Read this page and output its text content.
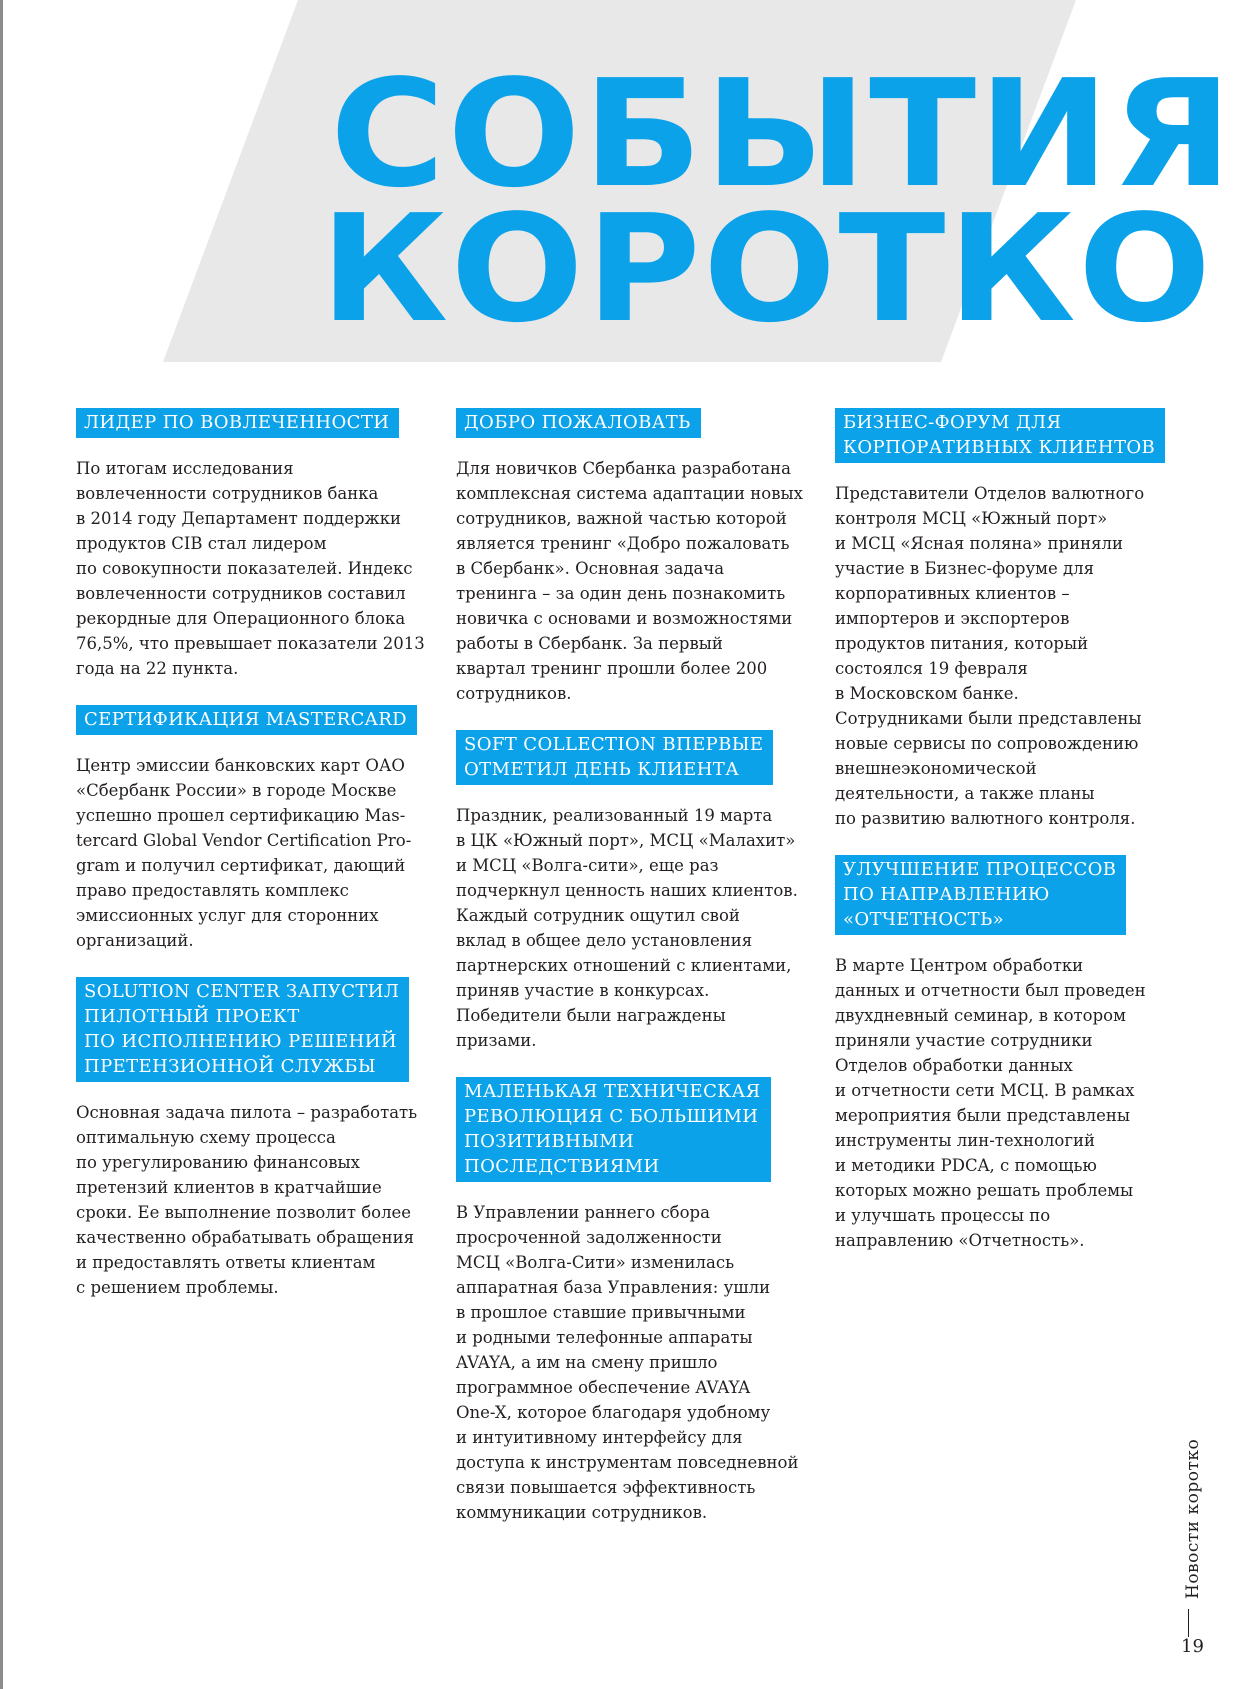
СОБЫТИЯ
КОРОТКО
ЛИДЕР ПО ВОВЛЕЧЕННОСТИ

По итогам исследования
вовлеченности сотрудников банка
в 2014 году Департамент поддержки
продуктов CIB стал лидером
по совокупности показателей. Индекс
вовлеченности сотрудников составил
рекордные для Операционного блока
76,5%, что превышает показатели 2013
года на 22 пункта.

СЕРТИФИКАЦИЯ MASTERCARD

Центр эмиссии банковских карт ОАО
«Сбербанк России» в городе Москве
успешно прошел сертификацию Mas-
tercard Global Vendor Certification Pro-
gram и получил сертификат, дающий
право предоставлять комплекс
эмиссионных услуг для сторонних
организаций.

SOLUTION CENTER ЗАПУСТИЛ
ПИЛОТНЫЙ ПРОЕКТ
ПО ИСПОЛНЕНИЮ РЕШЕНИЙ
ПРЕТЕНЗИОННОЙ СЛУЖБЫ

Основная задача пилота – разработать
оптимальную схему процесса
по урегулированию финансовых
претензий клиентов в кратчайшие
сроки. Ее выполнение позволит более
качественно обрабатывать обращения
и предоставлять ответы клиентам
с решением проблемы.

ДОБРО ПОЖАЛОВАТЬ

Для новичков Сбербанка разработана
комплексная система адаптации новых
сотрудников, важной частью которой
является тренинг «Добро пожаловать
в Сбербанк». Основная задача
тренинга – за один день познакомить
новичка с основами и возможностями
работы в Сбербанк. За первый
квартал тренинг прошли более 200
сотрудников.

SOFT COLLECTION ВПЕРВЫЕ
ОТМЕТИЛ ДЕНЬ КЛИЕНТА

Праздник, реализованный 19 марта
в ЦК «Южный порт», МСЦ «Малахит»
и МСЦ «Волга-сити», еще раз
подчеркнул ценность наших клиентов.
Каждый сотрудник ощутил свой
вклад в общее дело установления
партнерских отношений с клиентами,
приняв участие в конкурсах.
Победители были награждены
призами.

МАЛЕНЬКАЯ ТЕХНИЧЕСКАЯ
РЕВОЛЮЦИЯ С БОЛЬШИМИ
ПОЗИТИВНЫМИ
ПОСЛЕДСТВИЯМИ

В Управлении раннего сбора
просроченной задолженности
МСЦ «Волга-Сити» изменилась
аппаратная база Управления: ушли
в прошлое ставшие привычными
и родными телефонные аппараты
AVAYA, а им на смену пришло
программное обеспечение AVAYA
One-X, которое благодаря удобному
и интуитивному интерфейсу для
доступа к инструментам повседневной
связи повышается эффективность
коммуникации сотрудников.

БИЗНЕС-ФОРУМ ДЛЯ
КОРПОРАТИВНЫХ КЛИЕНТОВ

Представители Отделов валютного
контроля МСЦ «Южный порт»
и МСЦ «Ясная поляна» приняли
участие в Бизнес-форуме для
корпоративных клиентов –
импортеров и экспортеров
продуктов питания, который
состоялся 19 февраля
в Московском банке.
Сотрудниками были представлены
новые сервисы по сопровождению
внешнеэкономической
деятельности, а также планы
по развитию валютного контроля.

УЛУЧШЕНИЕ ПРОЦЕССОВ
ПО НАПРАВЛЕНИЮ
«ОТЧЕТНОСТЬ»

В марте Центром обработки
данных и отчетности был проведен
двухдневный семинар, в котором
приняли участие сотрудники
Отделов обработки данных
и отчетности сети МСЦ. В рамках
мероприятия были представлены
инструменты лин-технологий
и методики PDCA, с помощью
которых можно решать проблемы
и улучшать процессы по
направлению «Отчетность».

Новости коротко
19
